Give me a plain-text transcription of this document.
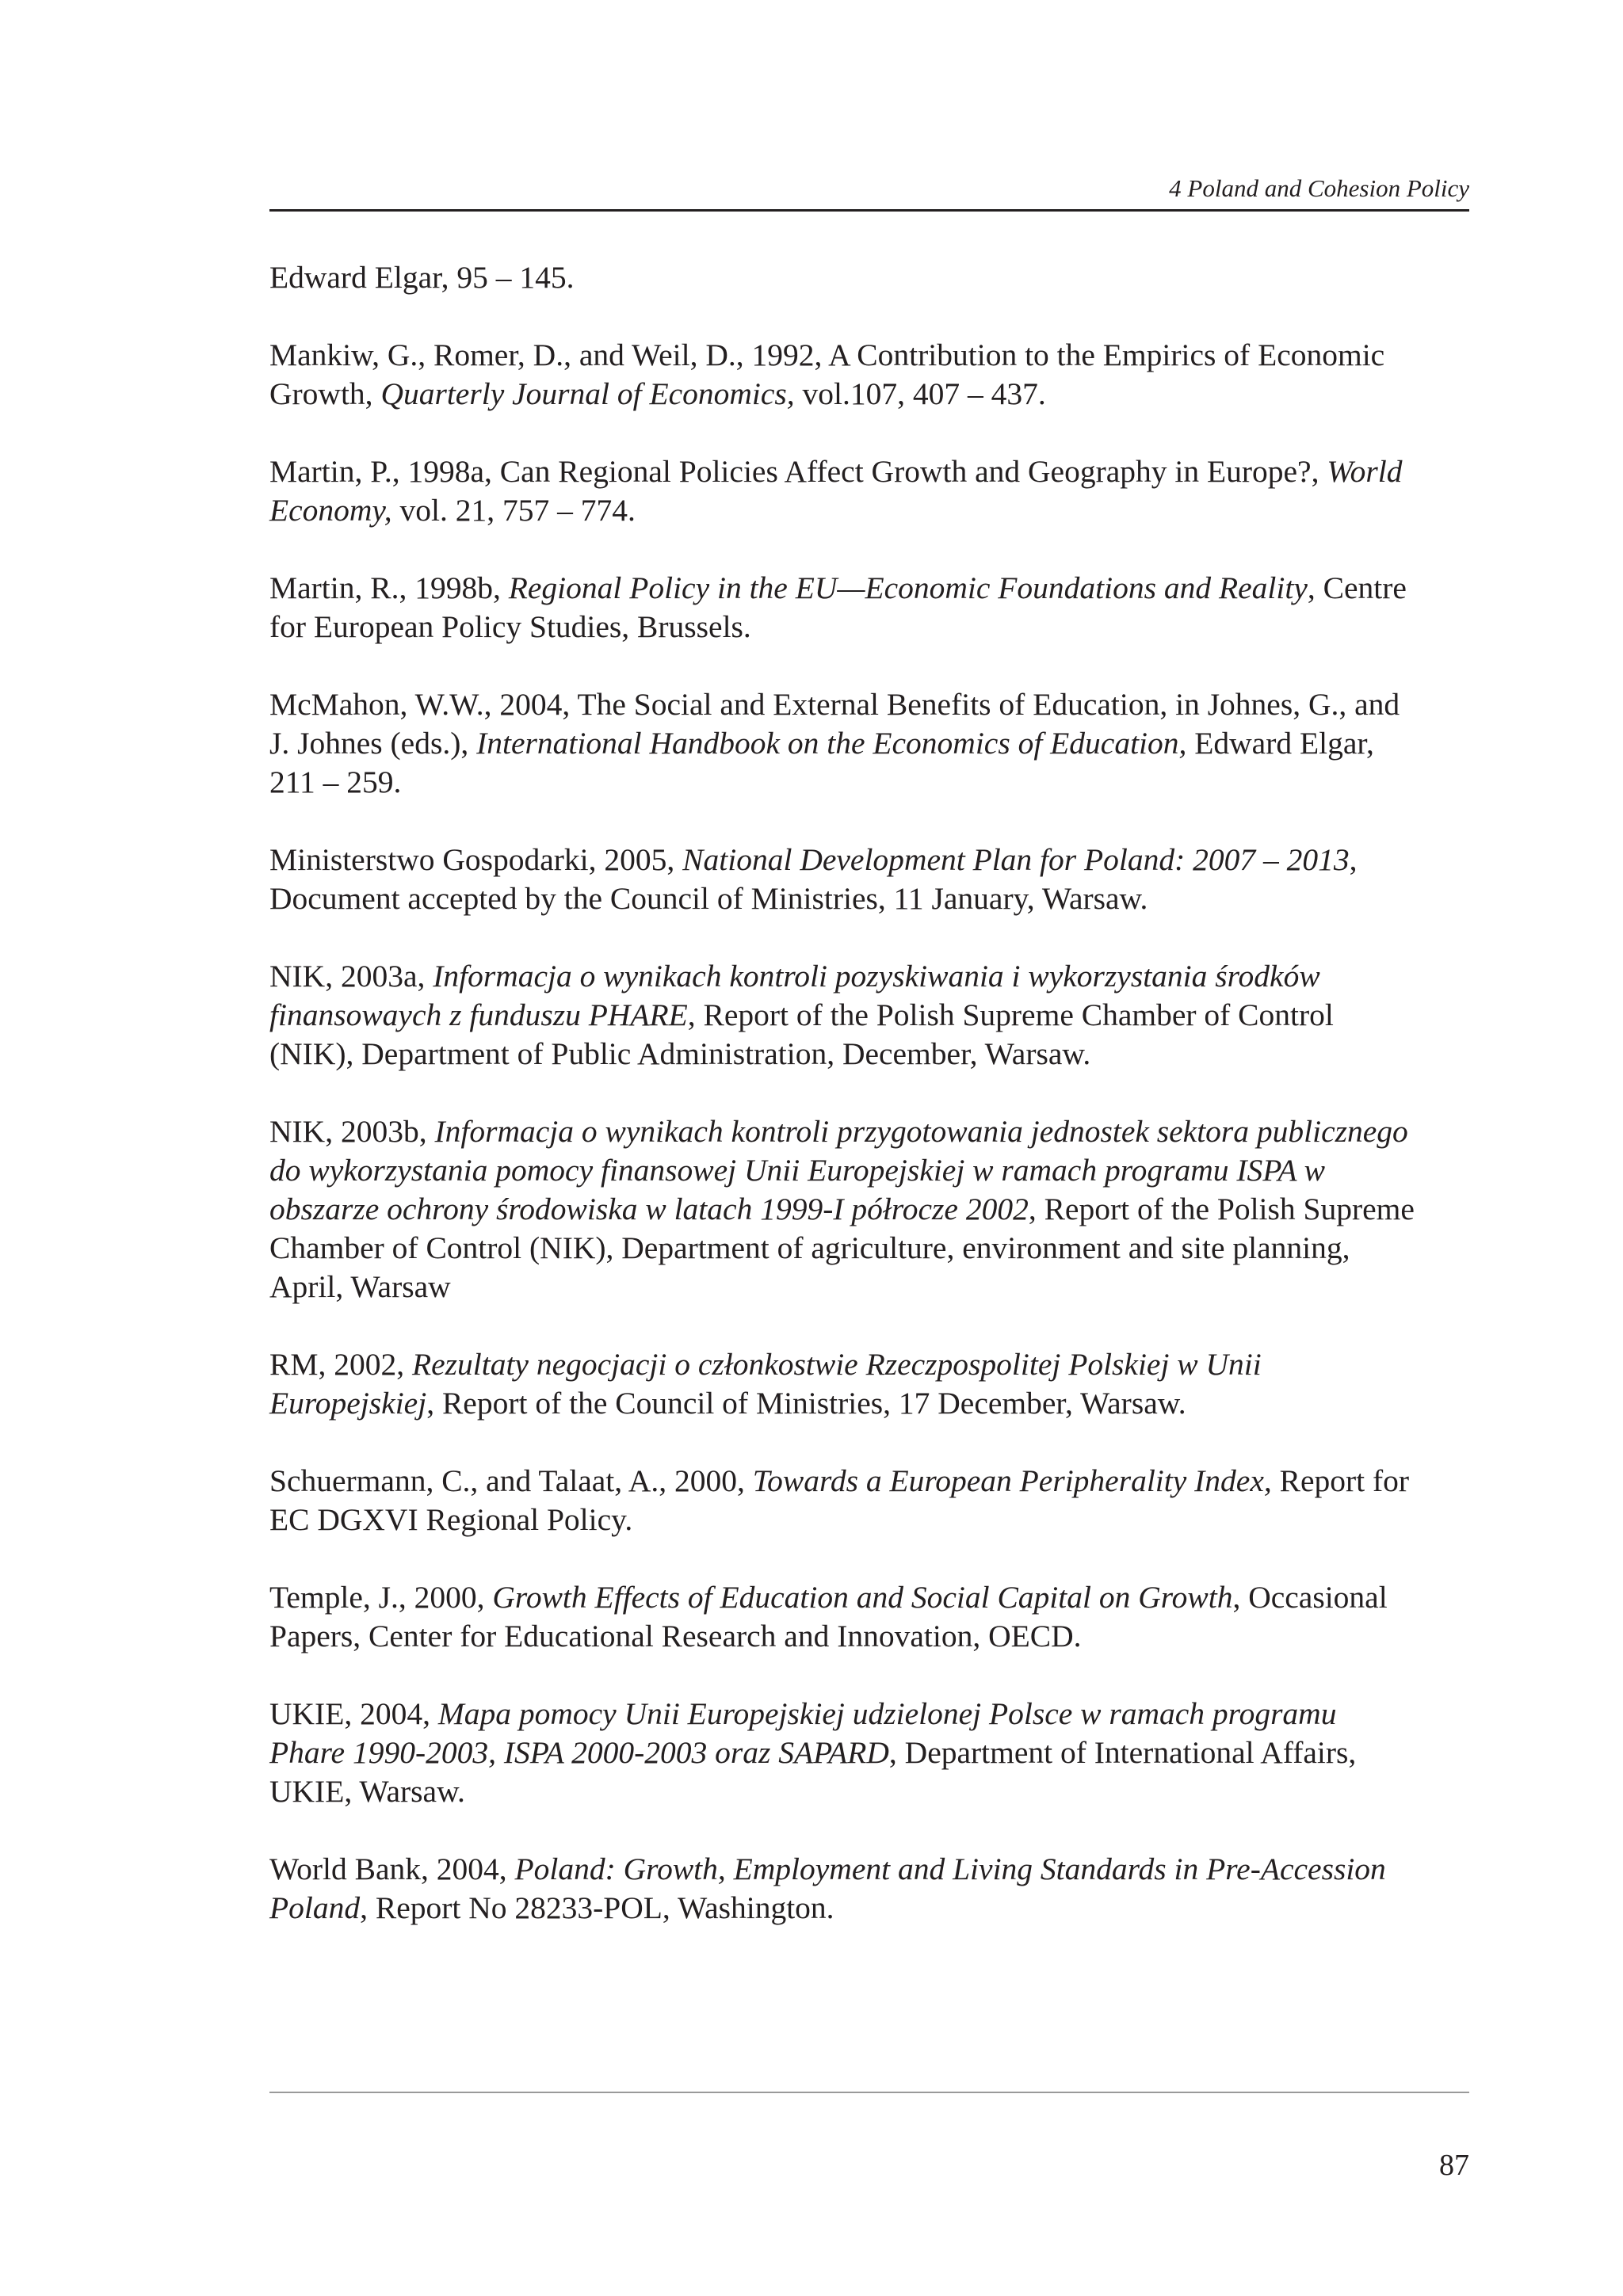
4 Poland and Cohesion Policy

Edward Elgar, 95 – 145.

Mankiw, G., Romer, D., and Weil, D., 1992, A Contribution to the Empirics of Economic
Growth, Quarterly Journal of Economics, vol.107, 407 – 437.

Martin, P., 1998a, Can Regional Policies Affect Growth and Geography in Europe?, World
Economy, vol. 21, 757 – 774.

Martin, R., 1998b, Regional Policy in the EU—Economic Foundations and Reality, Centre
for European Policy Studies, Brussels.

McMahon, W.W., 2004, The Social and External Benefits of Education, in Johnes, G., and
J. Johnes (eds.), International Handbook on the Economics of Education, Edward Elgar,
211 – 259.

Ministerstwo Gospodarki, 2005, National Development Plan for Poland: 2007 – 2013,
Document accepted by the Council of Ministries, 11 January, Warsaw.

NIK, 2003a, Informacja o wynikach kontroli pozyskiwania i wykorzystania środków
finansowaych z funduszu PHARE, Report of the Polish Supreme Chamber of Control
(NIK), Department of Public Administration, December, Warsaw.

NIK, 2003b, Informacja o wynikach kontroli przygotowania jednostek sektora publicznego
do wykorzystania pomocy finansowej Unii Europejskiej w ramach programu ISPA w
obszarze ochrony środowiska w latach 1999-I półrocze 2002, Report of the Polish Supreme
Chamber of Control (NIK), Department of agriculture, environment and site planning,
April, Warsaw

RM, 2002, Rezultaty negocjacji o członkostwie Rzeczpospolitej Polskiej w Unii
Europejskiej, Report of the Council of Ministries, 17 December, Warsaw.

Schuermann, C., and Talaat, A., 2000, Towards a European Peripherality Index, Report for
EC DGXVI Regional Policy.

Temple, J., 2000, Growth Effects of Education and Social Capital on Growth, Occasional
Papers, Center for Educational Research and Innovation, OECD.

UKIE, 2004, Mapa pomocy Unii Europejskiej udzielonej Polsce w ramach programu
Phare 1990-2003, ISPA 2000-2003 oraz SAPARD, Department of International Affairs,
UKIE, Warsaw.

World Bank, 2004, Poland: Growth, Employment and Living Standards in Pre-Accession
Poland, Report No 28233-POL, Washington.

87
